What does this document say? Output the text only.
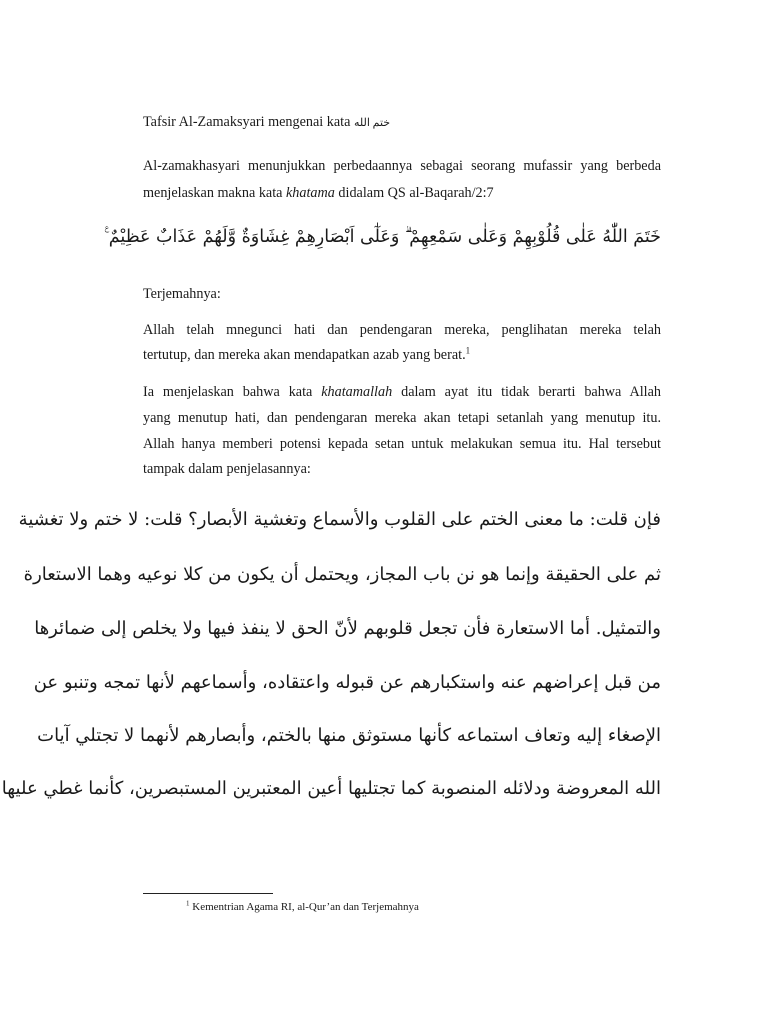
Tafsir Al-Zamaksyari mengenai kata ختم الله
Al-zamakhasyari menunjukkan perbedaannya sebagai seorang mufassir yang berbeda
menjelaskan makna kata khatama didalam QS al-Baqarah/2:7
خَتَمَ اللّٰهُ عَلٰى قُلُوْبِهِمْ وَعَلٰى سَمْعِهِمْ ۗ وَعَلٰٓى اَبْصَارِهِمْ غِشَاوَةٌ وَّلَهُمْ عَذَابٌ عَظِيْمٌ ࣖ
Terjemahnya:
Allah telah mnegunci hati dan pendengaran mereka, penglihatan mereka telah
tertutup, dan mereka akan mendapatkan azab yang berat.$^1$
Ia menjelaskan bahwa kata khatamallah dalam ayat itu tidak berarti bahwa Allah
yang menutup hati, dan pendengaran mereka akan tetapi setanlah yang menutup itu.
Allah hanya memberi potensi kepada setan untuk melakukan semua itu. Hal tersebut
tampak dalam penjelasannya:
فإن قلت: ما معنى الختم على القلوب والأسماع وتغشية الأبصار؟ قلت: لا ختم ولا تغشية
ثم على الحقيقة وإنما هو نن باب المجاز، ويحتمل أن يكون من كلا نوعيه وهما الاستعارة
والتمثيل. أما الاستعارة فأن تجعل قلوبهم لأنّ الحق لا ينفذ فيها ولا يخلص إلى ضمائرها
من قبل إعراضهم عنه واستكبارهم عن قبوله واعتقاده، وأسماعهم لأنها تمجه وتنبو عن
الإصغاء إليه وتعاف استماعه كأنها مستوثق منها بالختم، وأبصارهم لأنهما لا تجتلي آيات
الله المعروضة ودلائله المنصوبة كما تجتليها أعين المعتبرين المستبصرين، كأنما غطي عليها
$^1$ Kementrian Agama RI, al-Qur’an dan Terjemahnya
